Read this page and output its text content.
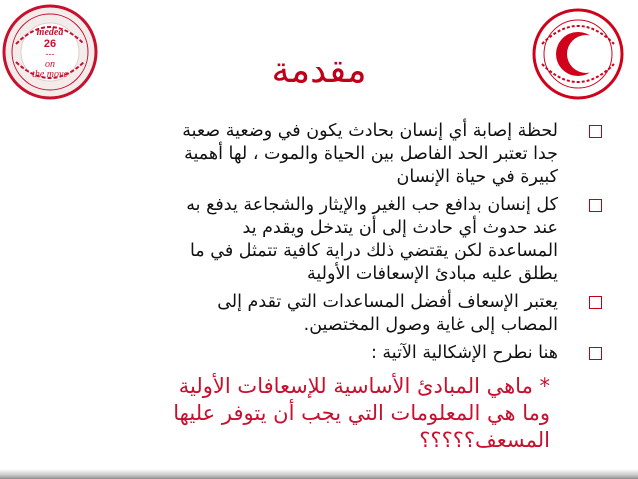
medea
26
---
on
the move	مقدمة
لحظة إصابة أي إنسان بحادث يكون في وضعية صعبة
جدا تعتبر الحد الفاصل بين الحياة والموت ، لها أهمية
كبيرة في حياة الإنسان
كل إنسان بدافع حب الغير والإيثار والشجاعة يدفع به
عند حدوث أي حادث إلى أن يتدخل ويقدم يد
المساعدة لكن يقتضي ذلك دراية كافية تتمثل في ما
يطلق عليه مبادئ الإسعافات الأولية
يعتبر الإسعاف أفضل المساعدات التي تقدم إلى
المصاب إلى غاية وصول المختصين.
هنا نطرح الإشكالية الآتية :
* ماهي المبادئ الأساسية للإسعافات الأولية
وما هي المعلومات التي يجب أن يتوفر عليها
المسعف؟؟؟؟؟
